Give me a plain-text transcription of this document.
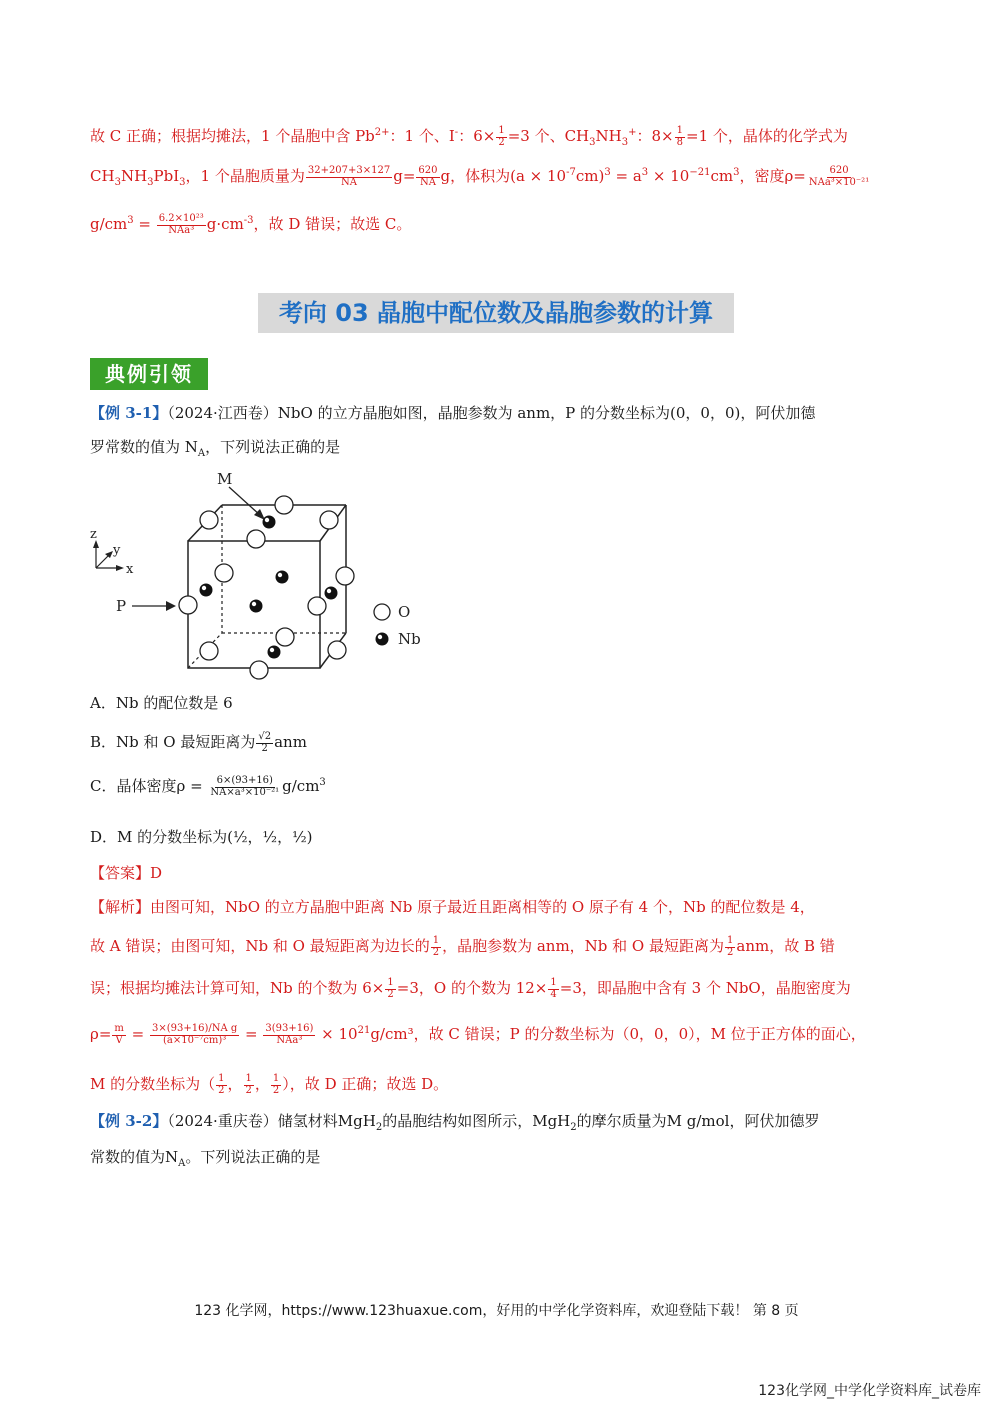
故 C 正确；根据均摊法，1 个晶胞中含 $Pb^{2+}$：1 个、I-：$6\times \frac{1}{2} =3$ 个、$CH_3NH_3^+$：$8\times \frac{1}{8} =1$ 个，晶体的化学式为
$CH_3NH_3PbI_3$，1 个晶胞质量为 $\frac{32+207+3\times 127}{NA} g= \frac{620}{NA}$ g，体积为$(a \times 10^{-7}cm)^3 = a^3 \times 10^{-21}cm^3$，密度$\rho= \frac{620}{\text{NAa³×10⁻²¹}}$
$g/cm^3 = \frac{\text{6.2×10²³}}{\text{NAa³}} g\cdot cm^{-3}$，故 D 错误；故选 C。
考向 03 晶胞中配位数及晶胞参数的计算
典例引领
【例 3-1】（2024·江西卷）NbO 的立方晶胞如图，晶胞参数为 anm，P 的分数坐标为(0，0，0)，阿伏加德
罗常数的值为 $N_A$，下列说法正确的是
M
P
z
y
x
O
Nb
A．Nb 的配位数是 6
B．Nb 和 O 最短距离为 $\frac{√2}{2}$ anm
C．晶体密度$\rho = \frac{6\times(93+16)}{\text{NA×a³×10⁻²¹}} g/cm^3$
D．M 的分数坐标为(½，½，½)
【答案】D
【解析】由图可知，NbO 的立方晶胞中距离 Nb 原子最近且距离相等的 O 原子有 4 个，Nb 的配位数是 4，
故 A 错误；由图可知，Nb 和 O 最短距离为边长的 $\frac{1}{2}$ ，晶胞参数为 anm，Nb 和 O 最短距离为 $\frac{1}{2}$ anm，故 B 错
误；根据均摊法计算可知，Nb 的个数为 $6\times \frac{1}{2} =3$，O 的个数为 $12\times \frac{1}{4} =3$，即晶胞中含有 3 个 NbO，晶胞密度为
$\rho= \frac{m}{V} = \frac{\text{3×(93+16)/NA g}}{\text{(a×10⁻⁷cm)³}} = \frac{3(93+16)}{\text{NAa³}} \times 10^{21}g/cm^3$，故 C 错误；P 的分数坐标为（0，0，0），M 位于正方体的面心，
M 的分数坐标为（ $\frac{1}{2}$ ， $\frac{1}{2}$ ， $\frac{1}{2}$ ），故 D 正确；故选 D。
【例 3-2】（2024·重庆卷）储氢材料MgH$_2$的晶胞结构如图所示，MgH$_2$的摩尔质量为M g/mol，阿伏加德罗
常数的值为$N_A$。下列说法正确的是
123 化学网，https://www.123huaxue.com，好用的中学化学资料库，欢迎登陆下载！ 第 8 页
123化学网_中学化学资料库_试卷库
